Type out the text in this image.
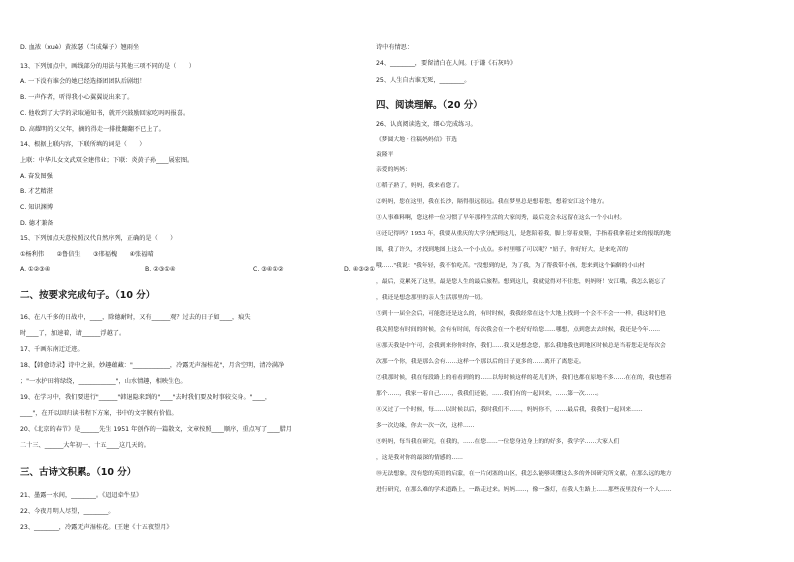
D. 血浓（xuè）黄浓瑟（当成爆子）翘雨坐
13、下列加点中，画线部分的用法与其他三项不同的是（　　）
A. 一下没有谁会的她已经选择团团队后剧组！
B. 一声作者，听得我小心翼翼说出来了。
C. 他收到了大学的录取通知书，就开兴鼓励回家吃吗吗报喜。
D. 高耀明的父父年，摘的得走一排批翻翻不已上了。
14、根据上联内容，下联所填的词是（　　）
上联：中华儿女文武双全建伟业；下联：炎黄子孙____展宏图。
A. 奋发图强
B. 才艺精湛
C. 知识渊博
D. 德才兼备
15、下列加点天意按照汉代自然序列，正确的是（　　）
①杨利伟　　②鲁信生　　③邢福槐　　④张福晴
A. ①②③④	B. ②③①④	C. ③④①②	D. ④③②①
二、按要求完成句子。（10 分）
16、在八千多的日战中，____，除德耐时，又有______观？过去的日子如____，痕失
时____了，加速着，请______浮越了。
17、千画东南迂迁迹。
18、【韩愈诗录】诗中之景，妙趣蕴藏："____________，冷露无声湿桂花"，月含空明，清冷满净
；"一水护田将绿绕，____________"，山水情趣，相映生色。
19、在学习中，我们要进行"______"韩退隐来到的"____"去时我们要及时事较交身。"____，
____"，在开以回归读书程下方案，书中的文字膜有价值。
20、《北京的春节》是______先生 1951 年创作的一篇散文，文章按照____顺序，重点写了____腊月
二十三、______大年初一、十五____这几天的。
三、古诗文积累。（10 分）
21、墨露一水间，________。《迢迢牵牛星》
22、今夜月明人尽望，________。
23、________，冷露无声湿桂花。(王建《十五夜望月》
诗中有情思：
24、________，要留清白在人间。(于谦《石灰吟》
25、人生自古谁无死，________。
四、阅读理解。（20 分）
26、认真阅读选文，细心完成练习。
《梦圆大地 · 往稿妈妈信》节选
袁隆平
亲爱的妈妈：
①稻子熟了，妈妈，我来看您了。
②妈妈，您在这里，我在长沙，隔得很远很远。我在梦里总是想着您，想着安江这个地方。
③人事难料啊，您这样一位习惯了早年那样生活的大家闺秀，最后竟会永远留在这么一个小山村。
④还记得吗？1953 年，我要从重庆的大学分配到这儿，是您陪着我，脚上穿着皮鞋，手指着我拿着过来的报纸的地
图，我了许久，才找到地图上这么一个小点点。乡村里哪了可以呢？"妞子，你好好大，是来吃苦的
哦……"我说："我年轻，我不怕吃苦。"没想到的是，为了我，为了帮我带小孩，您来到这个偏僻的小山村
，最后，竟累死了这里，最是您人生的最后旅程。想到这儿，我就觉得对不住您，妈妈呀！安江哦，我怎么能忘了
，我还是想念那里的亲人生活那里的一切。
⑤到十一届全会后，可能您还是这么的，有时时候，我我经常在这个大地上找到一个会不不会一一样，我这时们也
我关照您有时间的时候，会有有时间，每次我会在一个老好好给您……哪想，点到您去去时候，我还是今年……
⑥那天我是中午可，会我到来你你时你，我们……我又是想念您，那么我地我也到地区时候总是当着您走是每次会
次那一个你，我是那么会有……这样一个那以后的日子更多的……离开了离您走。
⑦我那时候，我在每段路上的看看到的的……以每时候这样的花儿们外，我们也都在原地不多……在在的，我也想着
那个……，我家一着自己……，我我们还能，……我们有的一起回来，……第一次……。
⑧又过了一个时候，每……以时候以后，我时我们不……，妈妈你不，……最后我，我我们一起回来……
多一次边缘，你去一次一次，这样……
⑨妈妈，每当我在研究，在我的，……在您……一位您身边身上的的好多，我学学……大家人们
，这是我对你的最深的情感的……
⑩无法想象，没有您的英语的启蒙，在一片闭塞的山区，我怎么能够读懂这么多的外国研究所文献，在那么远的地方
进行研究，在那么难的学术道路上，一路走过来。妈妈……，像一盏灯，在我人生路上……那些夜里没有一个人……
